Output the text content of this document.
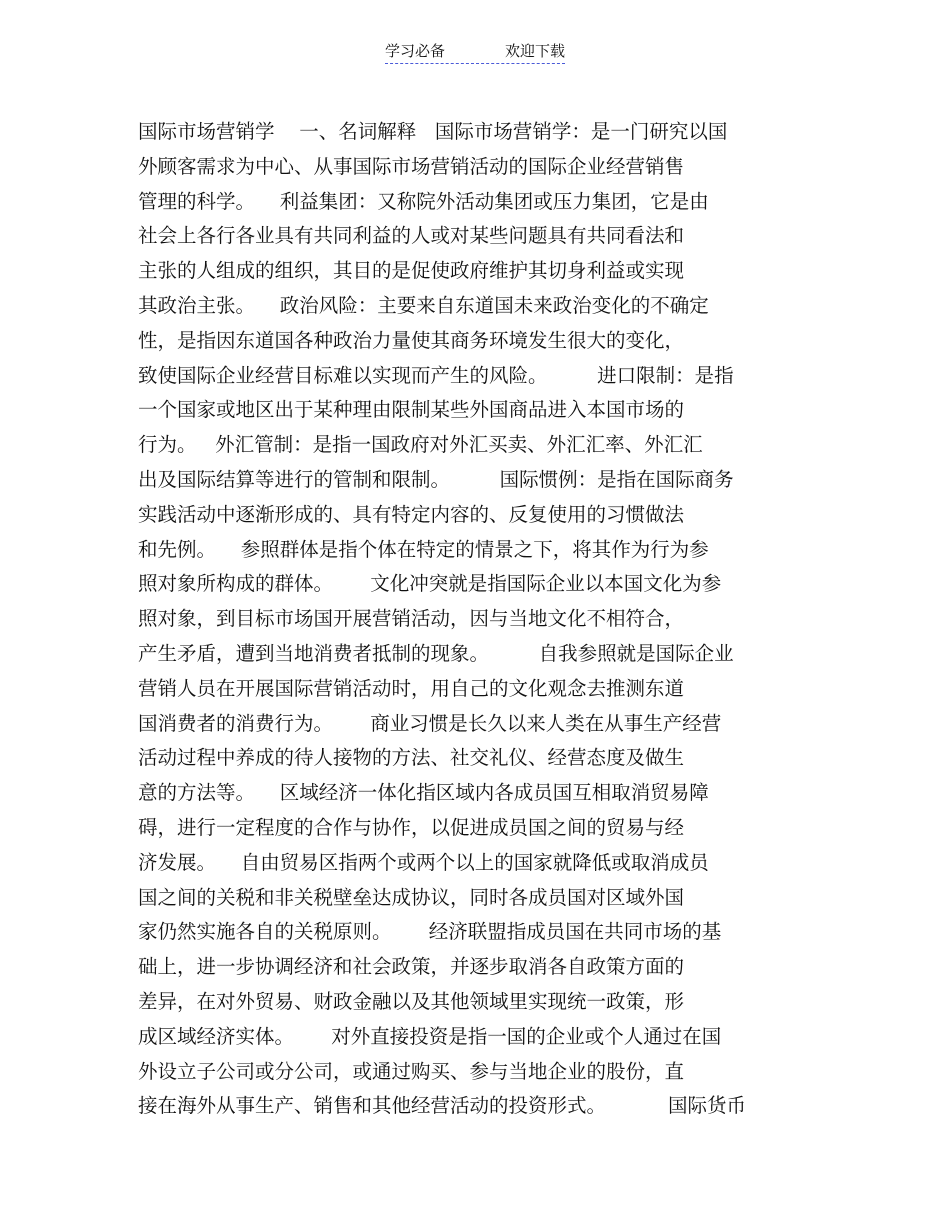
学习必备	欢迎下载
国际市场营销学    一、名词解释   国际市场营销学：是一门研究以国
外顾客需求为中心、从事国际市场营销活动的国际企业经营销售
管理的科学。    利益集团：又称院外活动集团或压力集团，它是由
社会上各行各业具有共同利益的人或对某些问题具有共同看法和
主张的人组成的组织，其目的是促使政府维护其切身利益或实现
其政治主张。    政治风险：主要来自东道国未来政治变化的不确定
性，是指因东道国各种政治力量使其商务环境发生很大的变化，
致使国际企业经营目标难以实现而产生的风险。        进口限制：是指
一个国家或地区出于某种理由限制某些外国商品进入本国市场的
行为。   外汇管制：是指一国政府对外汇买卖、外汇汇率、外汇汇
出及国际结算等进行的管制和限制。        国际惯例：是指在国际商务
实践活动中逐渐形成的、具有特定内容的、反复使用的习惯做法
和先例。    参照群体是指个体在特定的情景之下，将其作为行为参
照对象所构成的群体。      文化冲突就是指国际企业以本国文化为参
照对象，到目标市场国开展营销活动，因与当地文化不相符合，
产生矛盾，遭到当地消费者抵制的现象。        自我参照就是国际企业
营销人员在开展国际营销活动时，用自己的文化观念去推测东道
国消费者的消费行为。      商业习惯是长久以来人类在从事生产经营
活动过程中养成的待人接物的方法、社交礼仪、经营态度及做生
意的方法等。    区域经济一体化指区域内各成员国互相取消贸易障
碍，进行一定程度的合作与协作，以促进成员国之间的贸易与经
济发展。    自由贸易区指两个或两个以上的国家就降低或取消成员
国之间的关税和非关税壁垒达成协议，同时各成员国对区域外国
家仍然实施各自的关税原则。      经济联盟指成员国在共同市场的基
础上，进一步协调经济和社会政策，并逐步取消各自政策方面的
差异，在对外贸易、财政金融以及其他领域里实现统一政策，形
成区域经济实体。      对外直接投资是指一国的企业或个人通过在国
外设立子公司或分公司，或通过购买、参与当地企业的股份，直
接在海外从事生产、销售和其他经营活动的投资形式。          国际货币
